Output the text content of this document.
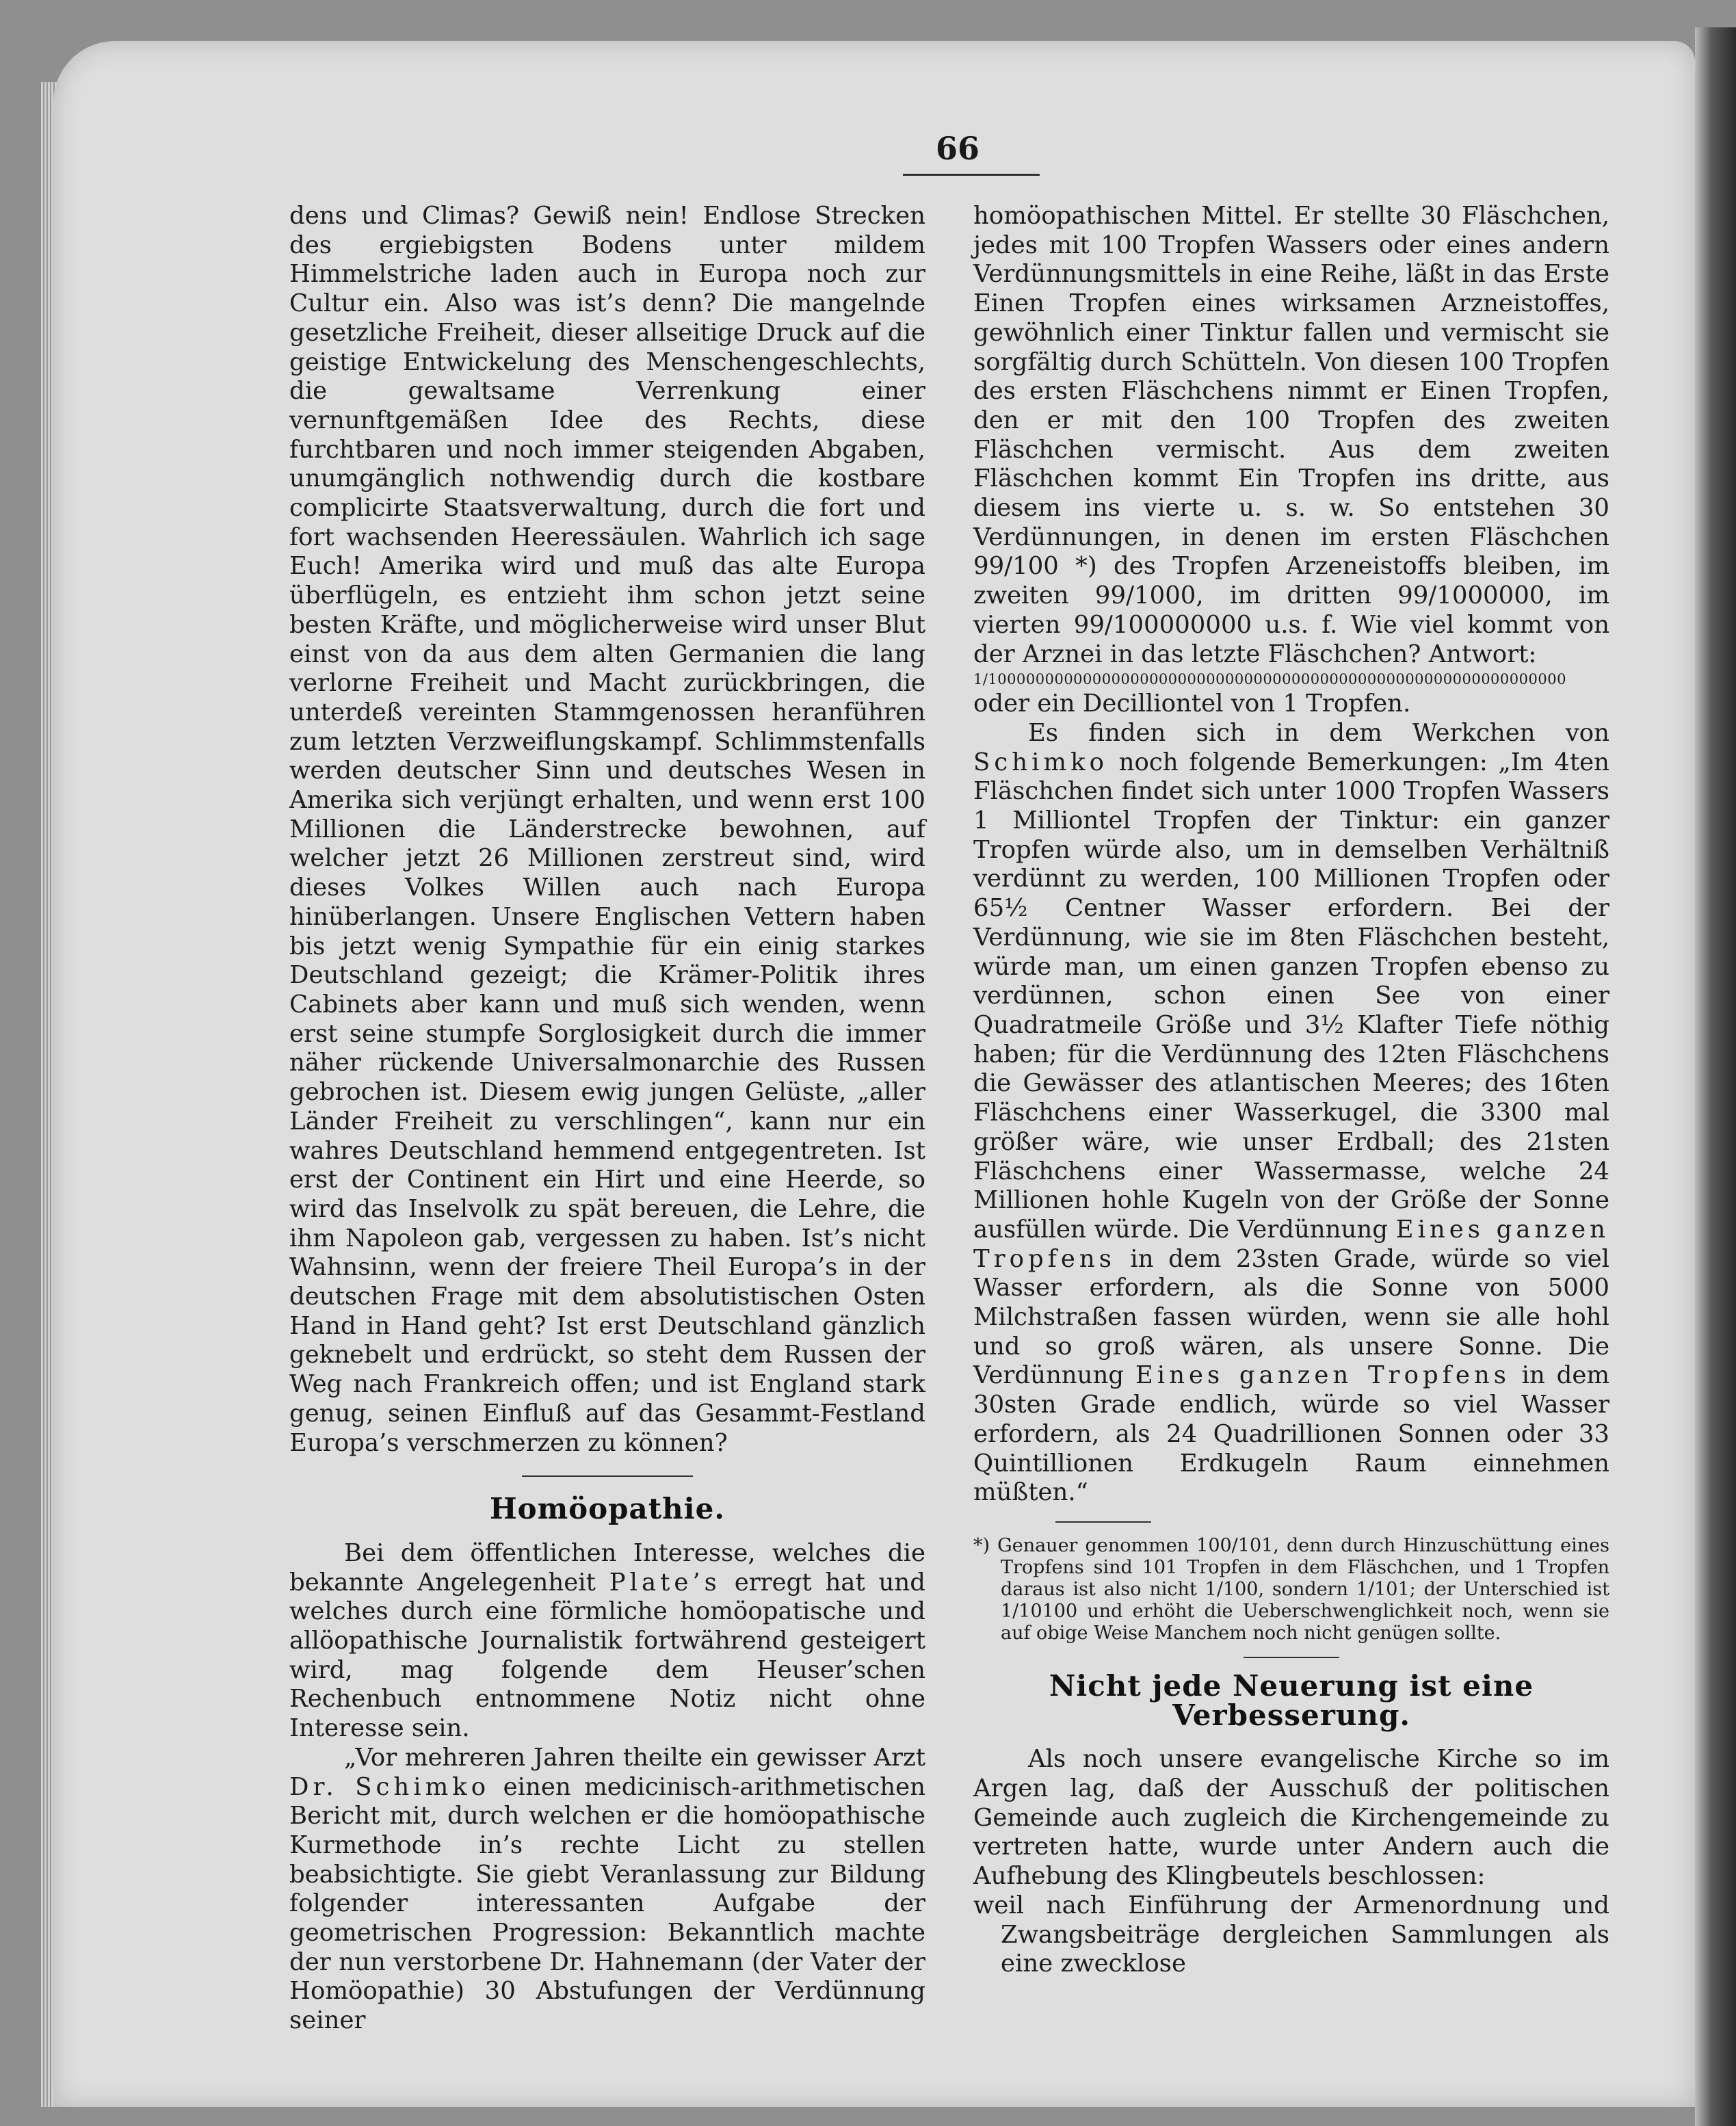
66

dens und Climas? Gewiß nein! Endlose Strecken des ergiebigsten Bodens unter mildem Himmelstriche laden auch in Europa noch zur Cultur ein. Also was ist’s denn? Die mangelnde gesetzliche Freiheit, dieser allseitige Druck auf die geistige Entwickelung des Menschengeschlechts, die gewaltsame Verrenkung einer vernunftgemäßen Idee des Rechts, diese furchtbaren und noch immer steigenden Abgaben, unumgänglich nothwendig durch die kostbare complicirte Staatsverwaltung, durch die fort und fort wachsenden Heeressäulen. Wahrlich ich sage Euch! Amerika wird und muß das alte Europa überflügeln, es entzieht ihm schon jetzt seine besten Kräfte, und möglicherweise wird unser Blut einst von da aus dem alten Germanien die lang verlorne Freiheit und Macht zurückbringen, die unterdeß vereinten Stammgenossen heranführen zum letzten Verzweiflungskampf. Schlimmstenfalls werden deutscher Sinn und deutsches Wesen in Amerika sich verjüngt erhalten, und wenn erst 100 Millionen die Länderstrecke bewohnen, auf welcher jetzt 26 Millionen zerstreut sind, wird dieses Volkes Willen auch nach Europa hinüberlangen. Unsere Englischen Vettern haben bis jetzt wenig Sympathie für ein einig starkes Deutschland gezeigt; die Krämer-Politik ihres Cabinets aber kann und muß sich wenden, wenn erst seine stumpfe Sorglosigkeit durch die immer näher rückende Universalmonarchie des Russen gebrochen ist. Diesem ewig jungen Gelüste, „aller Länder Freiheit zu verschlingen“, kann nur ein wahres Deutschland hemmend entgegentreten. Ist erst der Continent ein Hirt und eine Heerde, so wird das Inselvolk zu spät bereuen, die Lehre, die ihm Napoleon gab, vergessen zu haben. Ist’s nicht Wahnsinn, wenn der freiere Theil Europa’s in der deutschen Frage mit dem absolutistischen Osten Hand in Hand geht? Ist erst Deutschland gänzlich geknebelt und erdrückt, so steht dem Russen der Weg nach Frankreich offen; und ist England stark genug, seinen Einfluß auf das Gesammt-Festland Europa’s verschmerzen zu können?

Homöopathie.

Bei dem öffentlichen Interesse, welches die bekannte Angelegenheit Plate’s erregt hat und welches durch eine förmliche homöopatische und allöopathische Journalistik fortwährend gesteigert wird, mag folgende dem Heuser’schen Rechenbuch entnommene Notiz nicht ohne Interesse sein.

„Vor mehreren Jahren theilte ein gewisser Arzt Dr. Schimko einen medicinisch-arithmetischen Bericht mit, durch welchen er die homöopathische Kurmethode in’s rechte Licht zu stellen beabsichtigte. Sie giebt Veranlassung zur Bildung folgender interessanten Aufgabe der geometrischen Progression: Bekanntlich machte der nun verstorbene Dr. Hahnemann (der Vater der Homöopathie) 30 Abstufungen der Verdünnung seiner

homöopathischen Mittel. Er stellte 30 Fläschchen, jedes mit 100 Tropfen Wassers oder eines andern Verdünnungsmittels in eine Reihe, läßt in das Erste Einen Tropfen eines wirksamen Arzneistoffes, gewöhnlich einer Tinktur fallen und vermischt sie sorgfältig durch Schütteln. Von diesen 100 Tropfen des ersten Fläschchens nimmt er Einen Tropfen, den er mit den 100 Tropfen des zweiten Fläschchen vermischt. Aus dem zweiten Fläschchen kommt Ein Tropfen ins dritte, aus diesem ins vierte u. s. w. So entstehen 30 Verdünnungen, in denen im ersten Fläschchen 99/100 *) des Tropfen Arzeneistoffs bleiben, im zweiten 99/1000, im dritten 99/1000000, im vierten 99/100000000 u.s. f. Wie viel kommt von der Arznei in das letzte Fläschchen? Antwort:

1/1000000000000000000000000000000000000000000000000000000000000

oder ein Decilliontel von 1 Tropfen.

Es finden sich in dem Werkchen von Schimko noch folgende Bemerkungen: „Im 4ten Fläschchen findet sich unter 1000 Tropfen Wassers 1 Milliontel Tropfen der Tinktur: ein ganzer Tropfen würde also, um in demselben Verhältniß verdünnt zu werden, 100 Millionen Tropfen oder 65½ Centner Wasser erfordern. Bei der Verdünnung, wie sie im 8ten Fläschchen besteht, würde man, um einen ganzen Tropfen ebenso zu verdünnen, schon einen See von einer Quadratmeile Größe und 3½ Klafter Tiefe nöthig haben; für die Verdünnung des 12ten Fläschchens die Gewässer des atlantischen Meeres; des 16ten Fläschchens einer Wasserkugel, die 3300 mal größer wäre, wie unser Erdball; des 21sten Fläschchens einer Wassermasse, welche 24 Millionen hohle Kugeln von der Größe der Sonne ausfüllen würde. Die Verdünnung Eines ganzen Tropfens in dem 23sten Grade, würde so viel Wasser erfordern, als die Sonne von 5000 Milchstraßen fassen würden, wenn sie alle hohl und so groß wären, als unsere Sonne. Die Verdünnung Eines ganzen Tropfens in dem 30sten Grade endlich, würde so viel Wasser erfordern, als 24 Quadrillionen Sonnen oder 33 Quintillionen Erdkugeln Raum einnehmen müßten.“

*) Genauer genommen 100/101, denn durch Hinzuschüttung eines Tropfens sind 101 Tropfen in dem Fläschchen, und 1 Tropfen daraus ist also nicht 1/100, sondern 1/101; der Unterschied ist 1/10100 und erhöht die Ueberschwenglichkeit noch, wenn sie auf obige Weise Manchem noch nicht genügen sollte.

Nicht jede Neuerung ist eine Verbesserung.

Als noch unsere evangelische Kirche so im Argen lag, daß der Ausschuß der politischen Gemeinde auch zugleich die Kirchengemeinde zu vertreten hatte, wurde unter Andern auch die Aufhebung des Klingbeutels beschlossen:

weil nach Einführung der Armenordnung und Zwangsbeiträge dergleichen Sammlungen als eine zwecklose
